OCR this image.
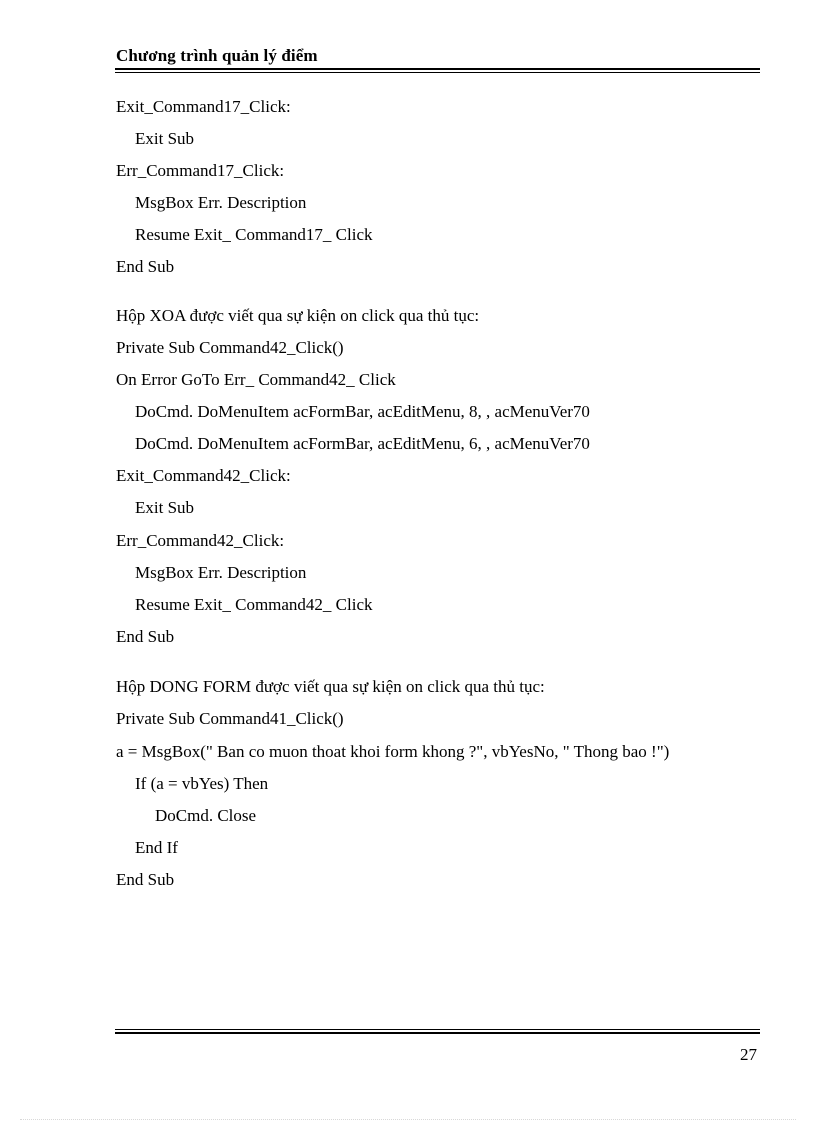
Chương trình quản lý điểm
Exit_Command17_Click:
Exit Sub
Err_Command17_Click:
MsgBox Err. Description
Resume Exit_ Command17_ Click
End Sub
Hộp XOA được viết qua sự kiện on click qua thủ tục:
Private Sub Command42_Click()
On Error GoTo Err_ Command42_ Click
DoCmd. DoMenuItem acFormBar, acEditMenu, 8, , acMenuVer70
DoCmd. DoMenuItem acFormBar, acEditMenu, 6, , acMenuVer70
Exit_Command42_Click:
Exit Sub
Err_Command42_Click:
MsgBox Err. Description
Resume Exit_ Command42_ Click
End Sub
Hộp DONG FORM được viết qua sự kiện on click qua thủ tục:
Private Sub Command41_Click()
a = MsgBox(" Ban co muon thoat khoi form khong ?", vbYesNo, " Thong bao !")
If (a = vbYes) Then
DoCmd. Close
End If
End Sub
27
